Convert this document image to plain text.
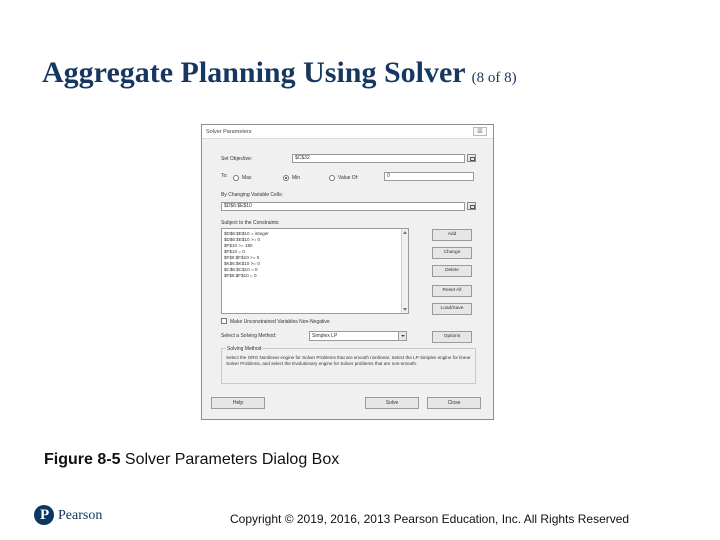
Aggregate Planning Using Solver (8 of 8)
Solver Parameters	☒
Set Objective:	$C$32
To:	Max	Min	Value Of:	0
By Changing Variable Cells:
$D$6:$E$10
Subject to the Constraints:
$D$6:$E$10 = integer
$D$6:$E$10 >= 0
$F$10 >= 180
$F$10 = 0
$F$6:$F$10 >= 0
$K$6:$K$10 >= 0
$C$6:$C$10 = 0
$F$6:$F$10 = 0
Add
Change
Delete
Reset All
Load/Save
Make Unconstrained Variables Non-Negative
Select a Solving Method:	Simplex LP	Options
Solving Method
Select the GRG Nonlinear engine for Solver Problems that are smooth nonlinear. Select the LP Simplex engine for linear Solver Problems, and select the Evolutionary engine for Solver problems that are non-smooth.
Help	Solve	Close
Figure 8-5 Solver Parameters Dialog Box
P Pearson	Copyright © 2019, 2016, 2013 Pearson Education, Inc. All Rights Reserved
